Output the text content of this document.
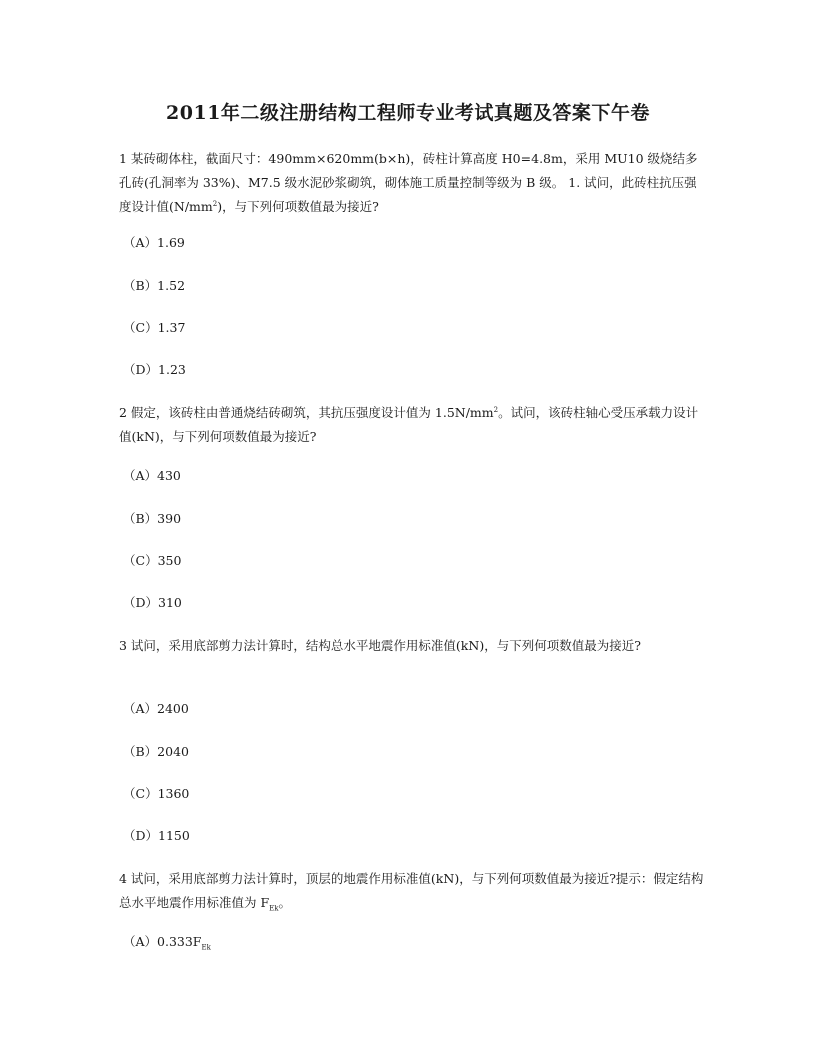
2011年二级注册结构工程师专业考试真题及答案下午卷
1 某砖砌体柱，截面尺寸：490mm×620mm(b×h)，砖柱计算高度 H0=4.8m，采用 MU10 级烧结多孔砖(孔洞率为 33%)、M7.5 级水泥砂浆砌筑，砌体施工质量控制等级为 B 级。 1. 试问，此砖柱抗压强度设计值$(N/mm^2)$，与下列何项数值最为接近?
（A）1.69
（B）1.52
（C）1.37
（D）1.23
2 假定，该砖柱由普通烧结砖砌筑，其抗压强度设计值为 $1.5N/mm^2$。试问，该砖柱轴心受压承载力设计值(kN)，与下列何项数值最为接近?
（A）430
（B）390
（C）350
（D）310
3 试问，采用底部剪力法计算时，结构总水平地震作用标准值(kN)，与下列何项数值最为接近?
（A）2400
（B）2040
（C）1360
（D）1150
4 试问，采用底部剪力法计算时，顶层的地震作用标准值(kN)，与下列何项数值最为接近?提示：假定结构总水平地震作用标准值为 $F_{Ek}$。
$(A)0.333F_{Ek}$
